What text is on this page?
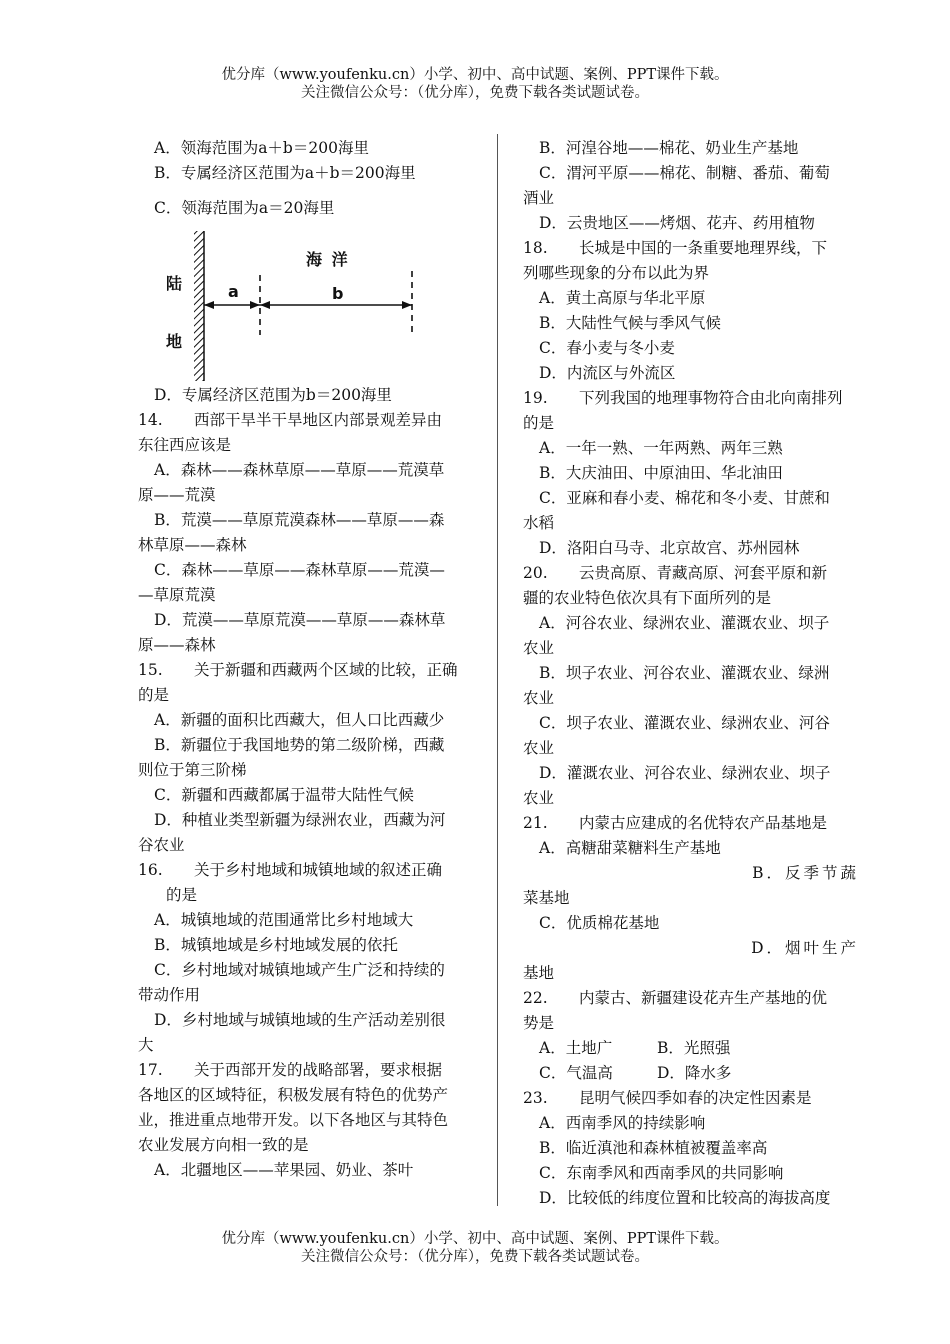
优分库（www.youfenku.cn）小学、初中、高中试题、案例、PPT课件下载。
关注微信公众号：（优分库），免费下载各类试题试卷。
A．领海范围为a＋b＝200海里
B．专属经济区范围为a＋b＝200海里
C．领海范围为a＝20海里
陆
地
海 洋
a	b
D．专属经济区范围为b＝200海里
14. 西部干旱半干旱地区内部景观差异由
东往西应该是
A．森林——森林草原——草原——荒漠草
原——荒漠
B．荒漠——草原荒漠森林——草原——森
林草原——森林
C．森林——草原——森林草原——荒漠—
—草原荒漠
D．荒漠——草原荒漠——草原——森林草
原——森林
15. 关于新疆和西藏两个区域的比较，正确
的是
A．新疆的面积比西藏大，但人口比西藏少
B．新疆位于我国地势的第二级阶梯，西藏
则位于第三阶梯
C．新疆和西藏都属于温带大陆性气候
D．种植业类型新疆为绿洲农业，西藏为河
谷农业
16. 关于乡村地域和城镇地域的叙述正确
的是
A．城镇地域的范围通常比乡村地域大
B．城镇地域是乡村地域发展的依托
C．乡村地域对城镇地域产生广泛和持续的
带动作用
D．乡村地域与城镇地域的生产活动差别很
大
17. 关于西部开发的战略部署，要求根据
各地区的区域特征，积极发展有特色的优势产
业，推进重点地带开发。以下各地区与其特色
农业发展方向相一致的是
A．北疆地区——苹果园、奶业、茶叶
B．河湟谷地——棉花、奶业生产基地
C．渭河平原——棉花、制糖、番茄、葡萄
酒业
D．云贵地区——烤烟、花卉、药用植物
18. 长城是中国的一条重要地理界线，下
列哪些现象的分布以此为界
A．黄土高原与华北平原
B．大陆性气候与季风气候
C．春小麦与冬小麦
D．内流区与外流区
19. 下列我国的地理事物符合由北向南排列
的是
A．一年一熟、一年两熟、两年三熟
B．大庆油田、中原油田、华北油田
C．亚麻和春小麦、棉花和冬小麦、甘蔗和
水稻
D．洛阳白马寺、北京故宫、苏州园林
20. 云贵高原、青藏高原、河套平原和新
疆的农业特色依次具有下面所列的是
A．河谷农业、绿洲农业、灌溉农业、坝子
农业
B．坝子农业、河谷农业、灌溉农业、绿洲
农业
C．坝子农业、灌溉农业、绿洲农业、河谷
农业
D．灌溉农业、河谷农业、绿洲农业、坝子
农业
21. 内蒙古应建成的名优特农产品基地是
A．高糖甜菜糖料生产基地
B．反季节蔬
菜基地
C．优质棉花基地
D．烟叶生产
基地
22. 内蒙古、新疆建设花卉生产基地的优
势是
A．土地广	B．光照强
C．气温高	D．降水多
23. 昆明气候四季如春的决定性因素是
A．西南季风的持续影响
B．临近滇池和森林植被覆盖率高
C．东南季风和西南季风的共同影响
D．比较低的纬度位置和比较高的海拔高度
优分库（www.youfenku.cn）小学、初中、高中试题、案例、PPT课件下载。
关注微信公众号：（优分库），免费下载各类试题试卷。
